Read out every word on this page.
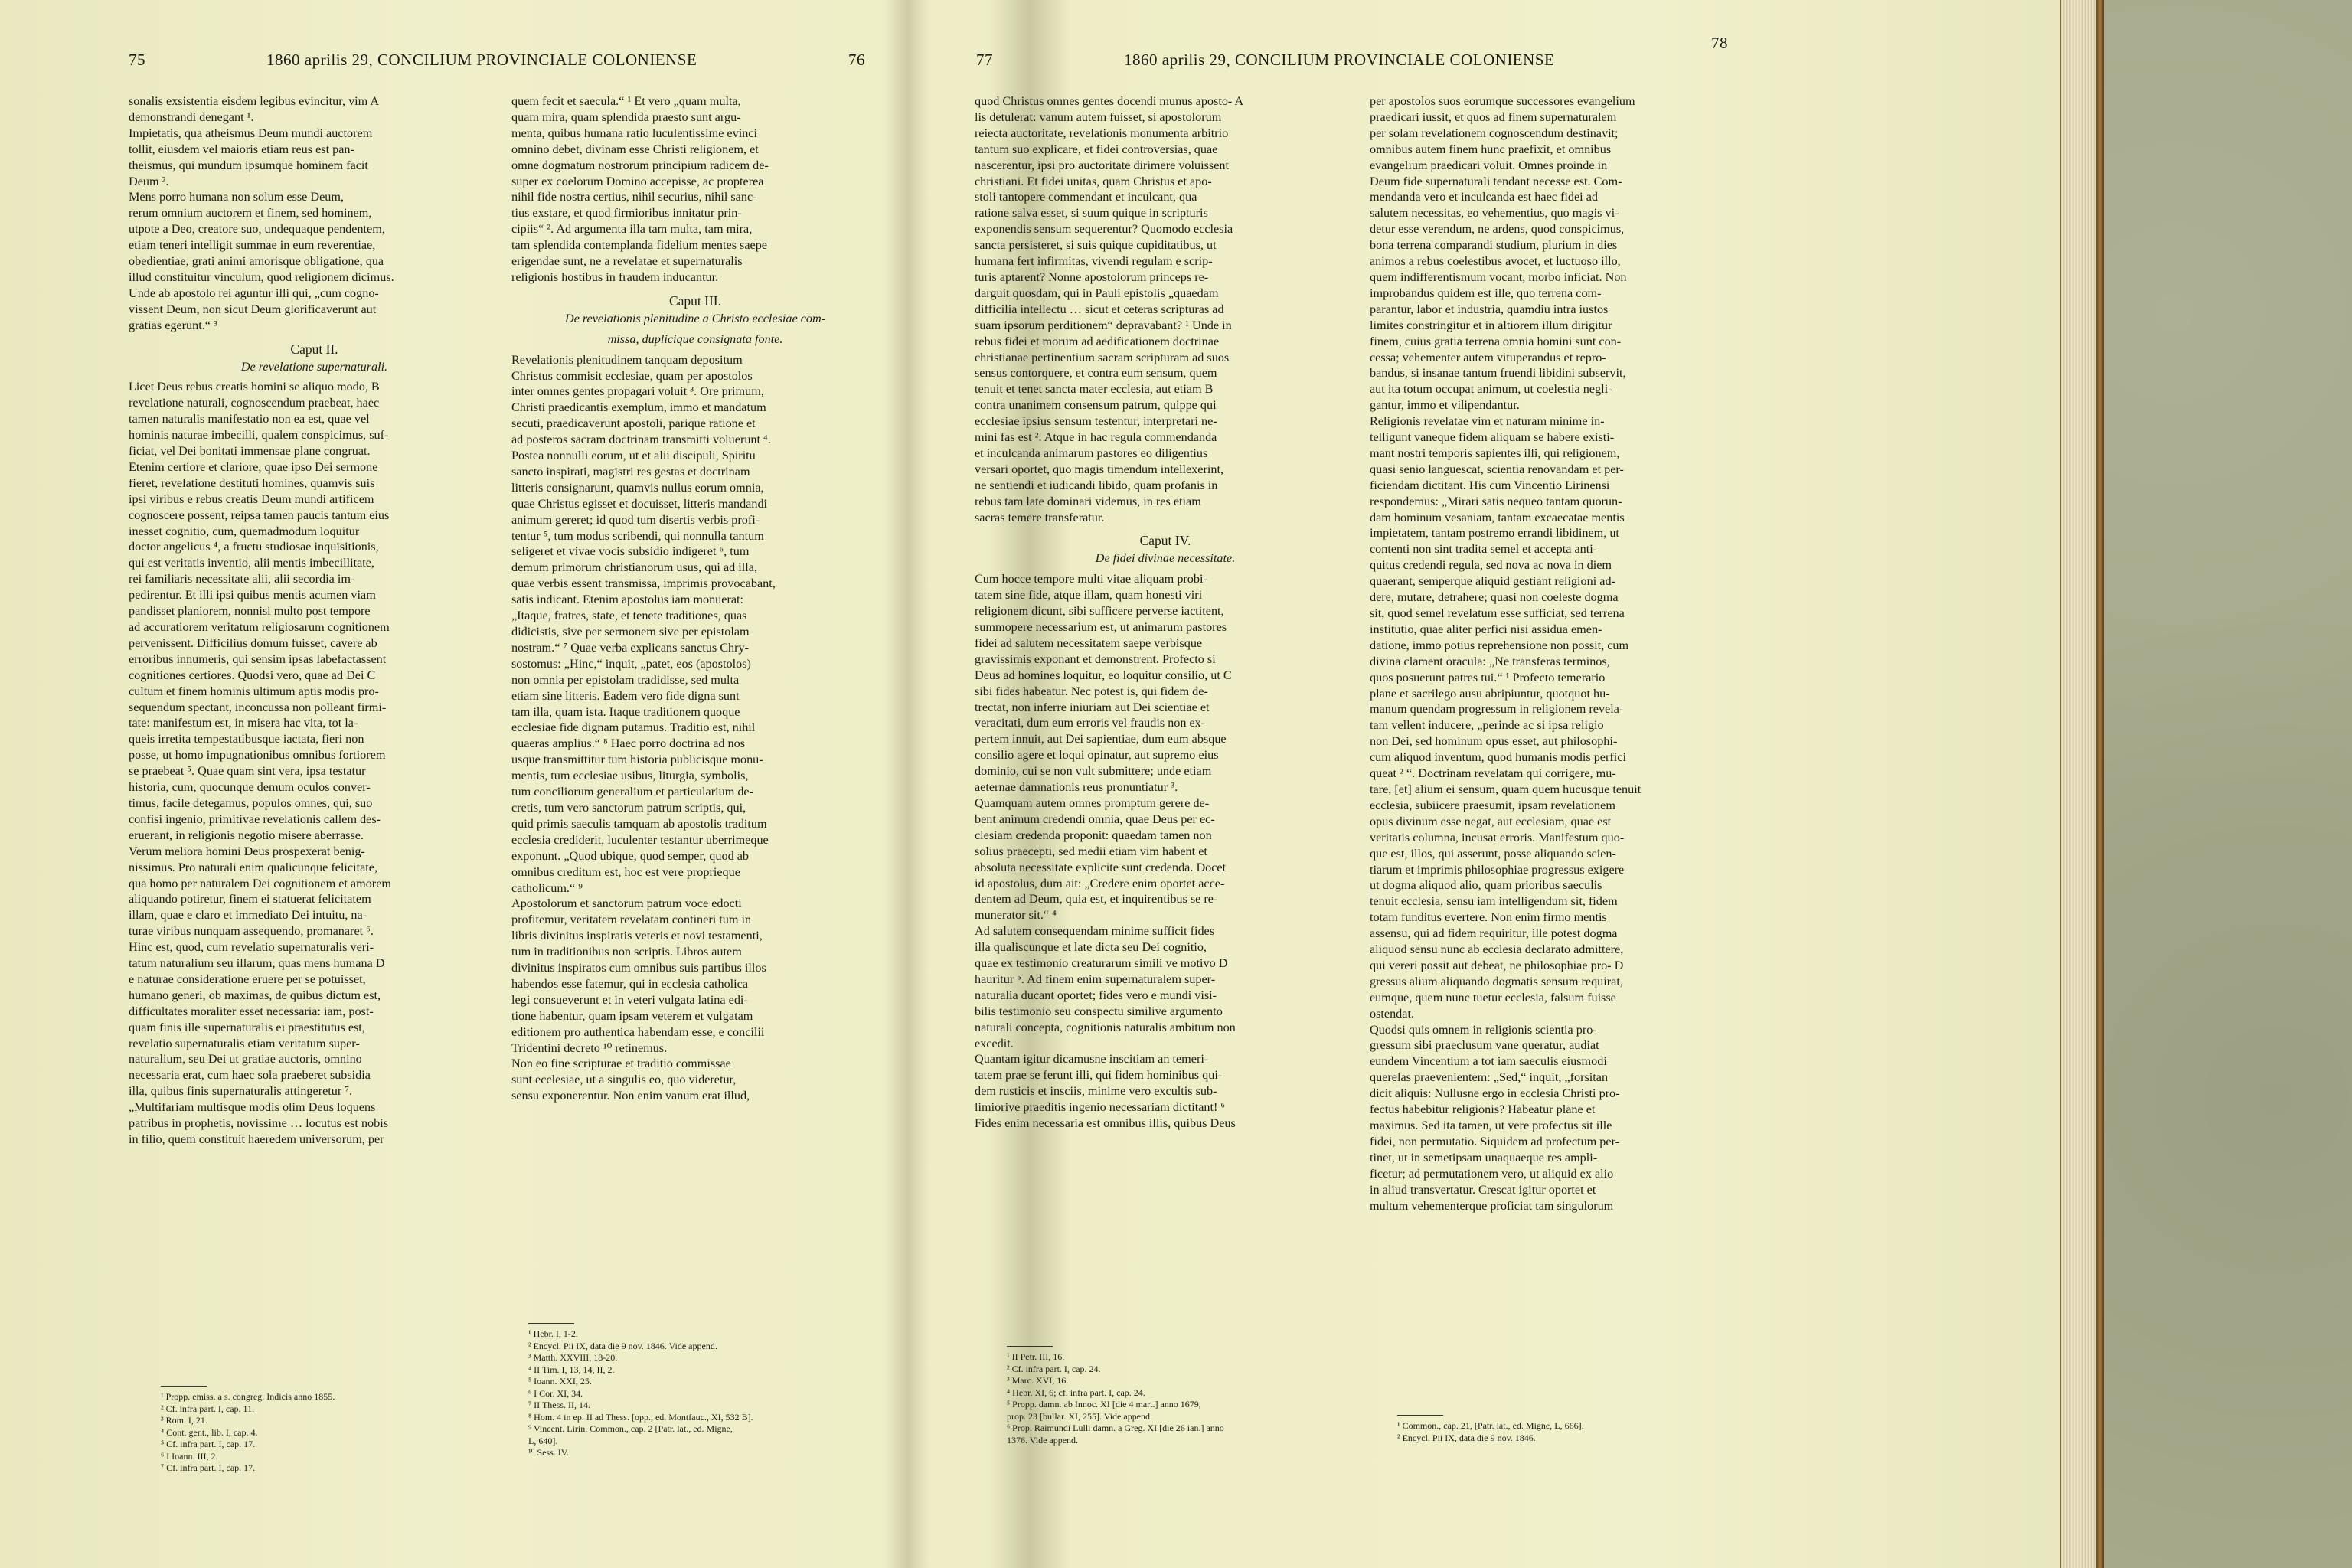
75	1860 aprilis 29, CONCILIUM PROVINCIALE COLONIENSE	76

sonalis exsistentia eisdem legibus evincitur, vim A

demonstrandi denegant ¹.

Impietatis, qua atheismus Deum mundi auctorem

tollit, eiusdem vel maioris etiam reus est pan-

theismus, qui mundum ipsumque hominem facit

Deum ².

Mens porro humana non solum esse Deum,

rerum omnium auctorem et finem, sed hominem,

utpote a Deo, creatore suo, undequaque pendentem,

etiam teneri intelligit summae in eum reverentiae,

obedientiae, grati animi amorisque obligatione, qua

illud constituitur vinculum, quod religionem dicimus.

Unde ab apostolo rei aguntur illi qui, „cum cogno-

vissent Deum, non sicut Deum glorificaverunt aut

gratias egerunt.“ ³

Caput II.

De revelatione supernaturali.

Licet Deus rebus creatis homini se aliquo modo, B

revelatione naturali, cognoscendum praebeat, haec

tamen naturalis manifestatio non ea est, quae vel

hominis naturae imbecilli, qualem conspicimus, suf-

ficiat, vel Dei bonitati immensae plane congruat.

Etenim certiore et clariore, quae ipso Dei sermone

fieret, revelatione destituti homines, quamvis suis

ipsi viribus e rebus creatis Deum mundi artificem

cognoscere possent, reipsa tamen paucis tantum eius

inesset cognitio, cum, quemadmodum loquitur

doctor angelicus ⁴, a fructu studiosae inquisitionis,

qui est veritatis inventio, alii mentis imbecillitate,

rei familiaris necessitate alii, alii secordia im-

pedirentur. Et illi ipsi quibus mentis acumen viam

pandisset planiorem, nonnisi multo post tempore

ad accuratiorem veritatum religiosarum cognitionem

pervenissent. Difficilius domum fuisset, cavere ab

erroribus innumeris, qui sensim ipsas labefactassent

cognitiones certiores. Quodsi vero, quae ad Dei C

cultum et finem hominis ultimum aptis modis pro-

sequendum spectant, inconcussa non polleant firmi-

tate: manifestum est, in misera hac vita, tot la-

queis irretita tempestatibusque iactata, fieri non

posse, ut homo impugnationibus omnibus fortiorem

se praebeat ⁵. Quae quam sint vera, ipsa testatur

historia, cum, quocunque demum oculos conver-

timus, facile detegamus, populos omnes, qui, suo

confisi ingenio, primitivae revelationis callem des-

eruerant, in religionis negotio misere aberrasse.

Verum meliora homini Deus prospexerat benig-

nissimus. Pro naturali enim qualicunque felicitate,

qua homo per naturalem Dei cognitionem et amorem

aliquando potiretur, finem ei statuerat felicitatem

illam, quae e claro et immediato Dei intuitu, na-

turae viribus nunquam assequendo, promanaret ⁶.

Hinc est, quod, cum revelatio supernaturalis veri-

tatum naturalium seu illarum, quas mens humana D

e naturae consideratione eruere per se potuisset,

humano generi, ob maximas, de quibus dictum est,

difficultates moraliter esset necessaria: iam, post-

quam finis ille supernaturalis ei praestitutus est,

revelatio supernaturalis etiam veritatum super-

naturalium, seu Dei ut gratiae auctoris, omnino

necessaria erat, cum haec sola praeberet subsidia

illa, quibus finis supernaturalis attingeretur ⁷.

„Multifariam multisque modis olim Deus loquens

patribus in prophetis, novissime … locutus est nobis

in filio, quem constituit haeredem universorum, per

quem fecit et saecula.“ ¹ Et vero „quam multa,

quam mira, quam splendida praesto sunt argu-

menta, quibus humana ratio luculentissime evinci

omnino debet, divinam esse Christi religionem, et

omne dogmatum nostrorum principium radicem de-

super ex coelorum Domino accepisse, ac propterea

nihil fide nostra certius, nihil securius, nihil sanc-

tius exstare, et quod firmioribus innitatur prin-

cipiis“ ². Ad argumenta illa tam multa, tam mira,

tam splendida contemplanda fidelium mentes saepe

erigendae sunt, ne a revelatae et supernaturalis

religionis hostibus in fraudem inducantur.

Caput III.

De revelationis plenitudine a Christo ecclesiae com-

missa, duplicique consignata fonte.

Revelationis plenitudinem tanquam depositum

Christus commisit ecclesiae, quam per apostolos

inter omnes gentes propagari voluit ³. Ore primum,

Christi praedicantis exemplum, immo et mandatum

secuti, praedicaverunt apostoli, parique ratione et

ad posteros sacram doctrinam transmitti voluerunt ⁴.

Postea nonnulli eorum, ut et alii discipuli, Spiritu

sancto inspirati, magistri res gestas et doctrinam

litteris consignarunt, quamvis nullus eorum omnia,

quae Christus egisset et docuisset, litteris mandandi

animum gereret; id quod tum disertis verbis profi-

tentur ⁵, tum modus scribendi, qui nonnulla tantum

seligeret et vivae vocis subsidio indigeret ⁶, tum

demum primorum christianorum usus, qui ad illa,

quae verbis essent transmissa, imprimis provocabant,

satis indicant. Etenim apostolus iam monuerat:

„Itaque, fratres, state, et tenete traditiones, quas

didicistis, sive per sermonem sive per epistolam

nostram.“ ⁷ Quae verba explicans sanctus Chry-

sostomus: „Hinc,“ inquit, „patet, eos (apostolos)

non omnia per epistolam tradidisse, sed multa

etiam sine litteris. Eadem vero fide digna sunt

tam illa, quam ista. Itaque traditionem quoque

ecclesiae fide dignam putamus. Traditio est, nihil

quaeras amplius.“ ⁸ Haec porro doctrina ad nos

usque transmittitur tum historia publicisque monu-

mentis, tum ecclesiae usibus, liturgia, symbolis,

tum conciliorum generalium et particularium de-

cretis, tum vero sanctorum patrum scriptis, qui,

quid primis saeculis tamquam ab apostolis traditum

ecclesia crediderit, luculenter testantur uberrimeque

exponunt. „Quod ubique, quod semper, quod ab

omnibus creditum est, hoc est vere proprieque

catholicum.“ ⁹

Apostolorum et sanctorum patrum voce edocti

profitemur, veritatem revelatam contineri tum in

libris divinitus inspiratis veteris et novi testamenti,

tum in traditionibus non scriptis. Libros autem

divinitus inspiratos cum omnibus suis partibus illos

habendos esse fatemur, qui in ecclesia catholica

legi consueverunt et in veteri vulgata latina edi-

tione habentur, quam ipsam veterem et vulgatam

editionem pro authentica habendam esse, e concilii

Tridentini decreto ¹⁰ retinemus.

Non eo fine scripturae et traditio commissae

sunt ecclesiae, ut a singulis eo, quo videretur,

sensu exponerentur. Non enim vanum erat illud,

¹ Propp. emiss. a s. congreg. Indicis anno 1855.
² Cf. infra part. I, cap. 11.
³ Rom. I, 21.
⁴ Cont. gent., lib. I, cap. 4.
⁵ Cf. infra part. I, cap. 17.
⁶ I Ioann. III, 2.
⁷ Cf. infra part. I, cap. 17.
¹ Hebr. I, 1-2.
² Encycl. Pii IX, data die 9 nov. 1846. Vide append.
³ Matth. XXVIII, 18-20.
⁴ II Tim. I, 13, 14, II, 2.
⁵ Ioann. XXI, 25.
⁶ I Cor. XI, 34.
⁷ II Thess. II, 14.
⁸ Hom. 4 in ep. II ad Thess. [opp., ed. Montfauc., XI, 532 B].
⁹ Vincent. Lirin. Common., cap. 2 [Patr. lat., ed. Migne,
L, 640].
¹⁰ Sess. IV.
77	1860 aprilis 29, CONCILIUM PROVINCIALE COLONIENSE
78

quod Christus omnes gentes docendi munus aposto- A

lis detulerat: vanum autem fuisset, si apostolorum

reiecta auctoritate, revelationis monumenta arbitrio

tantum suo explicare, et fidei controversias, quae

nascerentur, ipsi pro auctoritate dirimere voluissent

christiani. Et fidei unitas, quam Christus et apo-

stoli tantopere commendant et inculcant, qua

ratione salva esset, si suum quique in scripturis

exponendis sensum sequerentur? Quomodo ecclesia

sancta persisteret, si suis quique cupiditatibus, ut

humana fert infirmitas, vivendi regulam e scrip-

turis aptarent? Nonne apostolorum princeps re-

darguit quosdam, qui in Pauli epistolis „quaedam

difficilia intellectu … sicut et ceteras scripturas ad

suam ipsorum perditionem“ depravabant? ¹ Unde in

rebus fidei et morum ad aedificationem doctrinae

christianae pertinentium sacram scripturam ad suos

sensus contorquere, et contra eum sensum, quem

tenuit et tenet sancta mater ecclesia, aut etiam B

contra unanimem consensum patrum, quippe qui

ecclesiae ipsius sensum testentur, interpretari ne-

mini fas est ². Atque in hac regula commendanda

et inculcanda animarum pastores eo diligentius

versari oportet, quo magis timendum intellexerint,

ne sentiendi et iudicandi libido, quam profanis in

rebus tam late dominari videmus, in res etiam

sacras temere transferatur.

Caput IV.

De fidei divinae necessitate.

Cum hocce tempore multi vitae aliquam probi-

tatem sine fide, atque illam, quam honesti viri

religionem dicunt, sibi sufficere perverse iactitent,

summopere necessarium est, ut animarum pastores

fidei ad salutem necessitatem saepe verbisque

gravissimis exponant et demonstrent. Profecto si

Deus ad homines loquitur, eo loquitur consilio, ut C

sibi fides habeatur. Nec potest is, qui fidem de-

trectat, non inferre iniuriam aut Dei scientiae et

veracitati, dum eum erroris vel fraudis non ex-

pertem innuit, aut Dei sapientiae, dum eum absque

consilio agere et loqui opinatur, aut supremo eius

dominio, cui se non vult submittere; unde etiam

aeternae damnationis reus pronuntiatur ³.

Quamquam autem omnes promptum gerere de-

bent animum credendi omnia, quae Deus per ec-

clesiam credenda proponit: quaedam tamen non

solius praecepti, sed medii etiam vim habent et

absoluta necessitate explicite sunt credenda. Docet

id apostolus, dum ait: „Credere enim oportet acce-

dentem ad Deum, quia est, et inquirentibus se re-

munerator sit.“ ⁴

Ad salutem consequendam minime sufficit fides

illa qualiscunque et late dicta seu Dei cognitio,

quae ex testimonio creaturarum simili ve motivo D

hauritur ⁵. Ad finem enim supernaturalem super-

naturalia ducant oportet; fides vero e mundi visi-

bilis testimonio seu conspectu similive argumento

naturali concepta, cognitionis naturalis ambitum non

excedit.

Quantam igitur dicamusne inscitiam an temeri-

tatem prae se ferunt illi, qui fidem hominibus qui-

dem rusticis et insciis, minime vero excultis sub-

limiorive praeditis ingenio necessariam dictitant! ⁶

Fides enim necessaria est omnibus illis, quibus Deus

per apostolos suos eorumque successores evangelium

praedicari iussit, et quos ad finem supernaturalem

per solam revelationem cognoscendum destinavit;

omnibus autem finem hunc praefixit, et omnibus

evangelium praedicari voluit. Omnes proinde in

Deum fide supernaturali tendant necesse est. Com-

mendanda vero et inculcanda est haec fidei ad

salutem necessitas, eo vehementius, quo magis vi-

detur esse verendum, ne ardens, quod conspicimus,

bona terrena comparandi studium, plurium in dies

animos a rebus coelestibus avocet, et luctuoso illo,

quem indifferentismum vocant, morbo inficiat. Non

improbandus quidem est ille, quo terrena com-

parantur, labor et industria, quamdiu intra iustos

limites constringitur et in altiorem illum dirigitur

finem, cuius gratia terrena omnia homini sunt con-

cessa; vehementer autem vituperandus et repro-

bandus, si insanae tantum fruendi libidini subservit,

aut ita totum occupat animum, ut coelestia negli-

gantur, immo et vilipendantur.

Religionis revelatae vim et naturam minime in-

telligunt vaneque fidem aliquam se habere existi-

mant nostri temporis sapientes illi, qui religionem,

quasi senio languescat, scientia renovandam et per-

ficiendam dictitant. His cum Vincentio Lirinensi

respondemus: „Mirari satis nequeo tantam quorun-

dam hominum vesaniam, tantam excaecatae mentis

impietatem, tantam postremo errandi libidinem, ut

contenti non sint tradita semel et accepta anti-

quitus credendi regula, sed nova ac nova in diem

quaerant, semperque aliquid gestiant religioni ad-

dere, mutare, detrahere; quasi non coeleste dogma

sit, quod semel revelatum esse sufficiat, sed terrena

institutio, quae aliter perfici nisi assidua emen-

datione, immo potius reprehensione non possit, cum

divina clament oracula: „Ne transferas terminos,

quos posuerunt patres tui.“ ¹ Profecto temerario

plane et sacrilego ausu abripiuntur, quotquot hu-

manum quendam progressum in religionem revela-

tam vellent inducere, „perinde ac si ipsa religio

non Dei, sed hominum opus esset, aut philosophi-

cum aliquod inventum, quod humanis modis perfici

queat ² “. Doctrinam revelatam qui corrigere, mu-

tare, [et] alium ei sensum, quam quem hucusque tenuit

ecclesia, subiicere praesumit, ipsam revelationem

opus divinum esse negat, aut ecclesiam, quae est

veritatis columna, incusat erroris. Manifestum quo-

que est, illos, qui asserunt, posse aliquando scien-

tiarum et imprimis philosophiae progressus exigere

ut dogma aliquod alio, quam prioribus saeculis

tenuit ecclesia, sensu iam intelligendum sit, fidem

totam funditus evertere. Non enim firmo mentis

assensu, qui ad fidem requiritur, ille potest dogma

aliquod sensu nunc ab ecclesia declarato admittere,

qui vereri possit aut debeat, ne philosophiae pro- D

gressus alium aliquando dogmatis sensum requirat,

eumque, quem nunc tuetur ecclesia, falsum fuisse

ostendat.

Quodsi quis omnem in religionis scientia pro-

gressum sibi praeclusum vane queratur, audiat

eundem Vincentium a tot iam saeculis eiusmodi

querelas praevenientem: „Sed,“ inquit, „forsitan

dicit aliquis: Nullusne ergo in ecclesia Christi pro-

fectus habebitur religionis? Habeatur plane et

maximus. Sed ita tamen, ut vere profectus sit ille

fidei, non permutatio. Siquidem ad profectum per-

tinet, ut in semetipsam unaquaeque res ampli-

ficetur; ad permutationem vero, ut aliquid ex alio

in aliud transvertatur. Crescat igitur oportet et

multum vehementerque proficiat tam singulorum

¹ II Petr. III, 16.
² Cf. infra part. I, cap. 24.
³ Marc. XVI, 16.
⁴ Hebr. XI, 6; cf. infra part. I, cap. 24.
⁵ Propp. damn. ab Innoc. XI [die 4 mart.] anno 1679,
prop. 23 [bullar. XI, 255]. Vide append.
⁶ Prop. Raimundi Lulli damn. a Greg. XI [die 26 ian.] anno
1376. Vide append.
¹ Common., cap. 21, [Patr. lat., ed. Migne, L, 666].
² Encycl. Pii IX, data die 9 nov. 1846.
